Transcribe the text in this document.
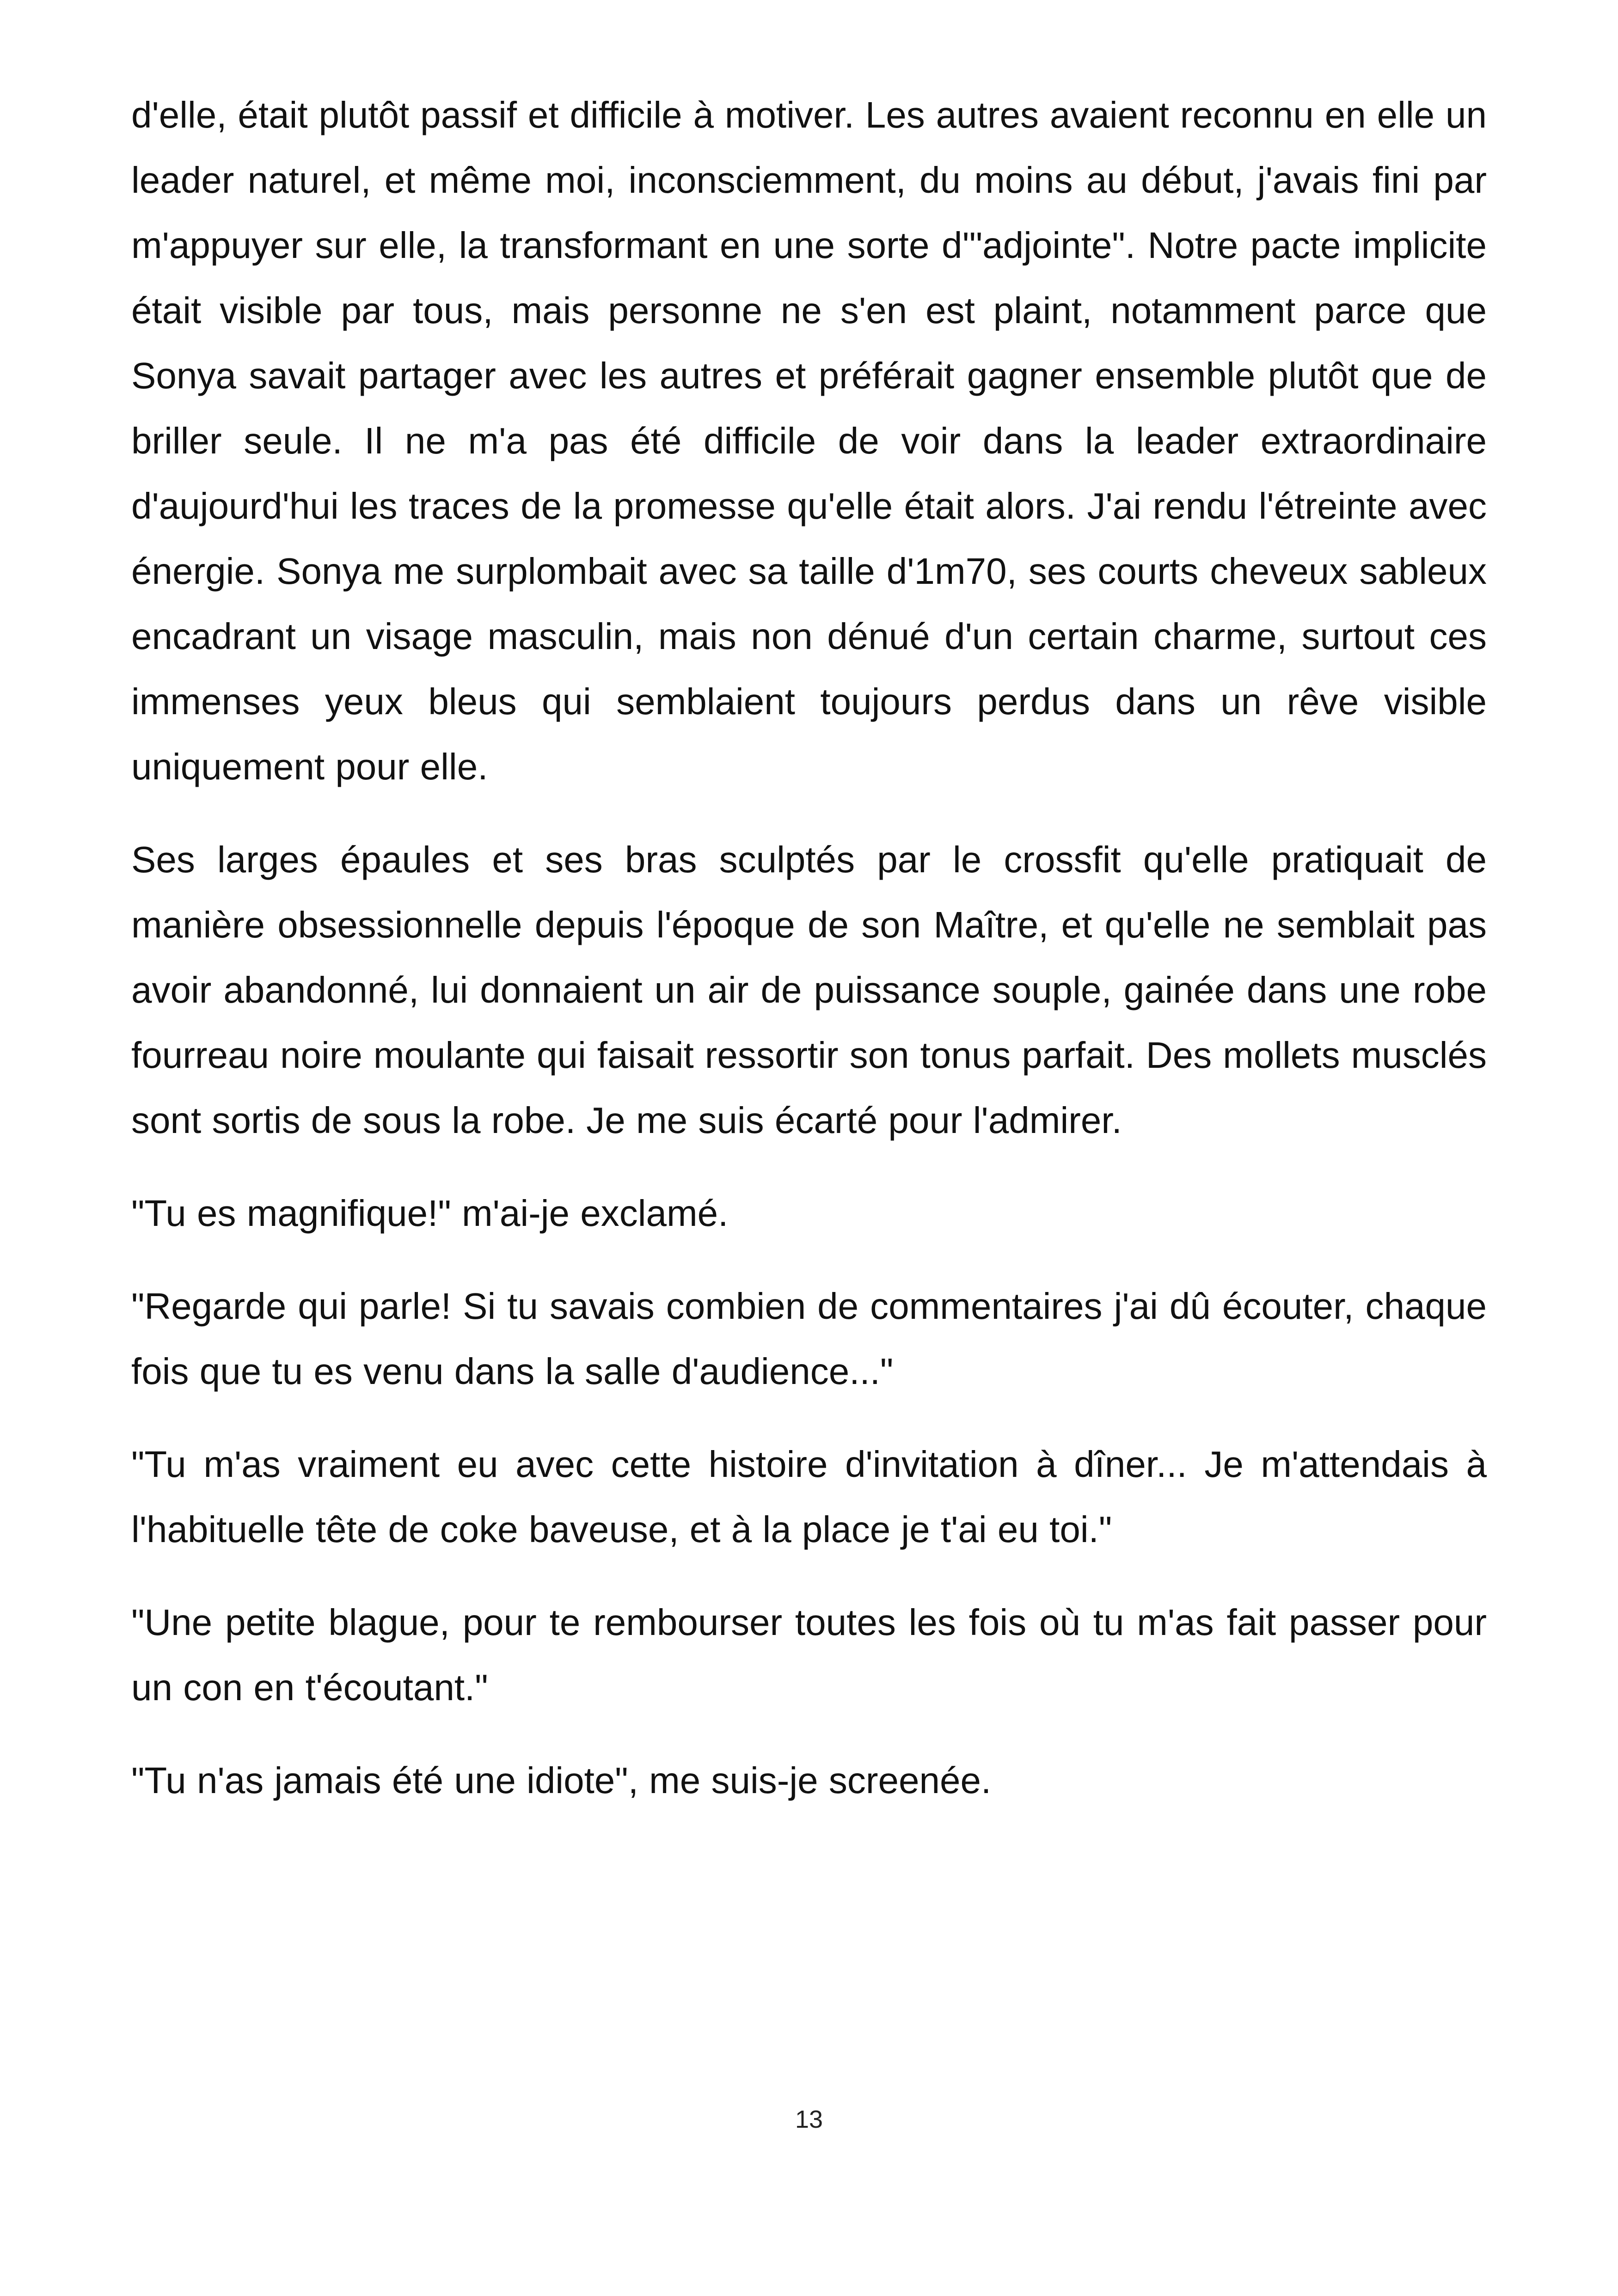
d'elle, était plutôt passif et difficile à motiver. Les autres avaient reconnu en elle un leader naturel, et même moi, inconsciemment, du moins au début, j'avais fini par m'appuyer sur elle, la transformant en une sorte d'"adjointe". Notre pacte implicite était visible par tous, mais personne ne s'en est plaint, notamment parce que Sonya savait partager avec les autres et préférait gagner ensemble plutôt que de briller seule. Il ne m'a pas été difficile de voir dans la leader extraordinaire d'aujourd'hui les traces de la promesse qu'elle était alors. J'ai rendu l'étreinte avec énergie. Sonya me surplombait avec sa taille d'1m70, ses courts cheveux sableux encadrant un visage masculin, mais non dénué d'un certain charme, surtout ces immenses yeux bleus qui semblaient toujours perdus dans un rêve visible uniquement pour elle.

Ses larges épaules et ses bras sculptés par le crossfit qu'elle pratiquait de manière obsessionnelle depuis l'époque de son Maître, et qu'elle ne semblait pas avoir abandonné, lui donnaient un air de puissance souple, gainée dans une robe fourreau noire moulante qui faisait ressortir son tonus parfait. Des mollets musclés sont sortis de sous la robe. Je me suis écarté pour l'admirer.

"Tu es magnifique!" m'ai-je exclamé.

"Regarde qui parle! Si tu savais combien de commentaires j'ai dû écouter, chaque fois que tu es venu dans la salle d'audience..."

"Tu m'as vraiment eu avec cette histoire d'invitation à dîner... Je m'attendais à l'habituelle tête de coke baveuse, et à la place je t'ai eu toi."

"Une petite blague, pour te rembourser toutes les fois où tu m'as fait passer pour un con en t'écoutant."

"Tu n'as jamais été une idiote", me suis-je screenée.

13
